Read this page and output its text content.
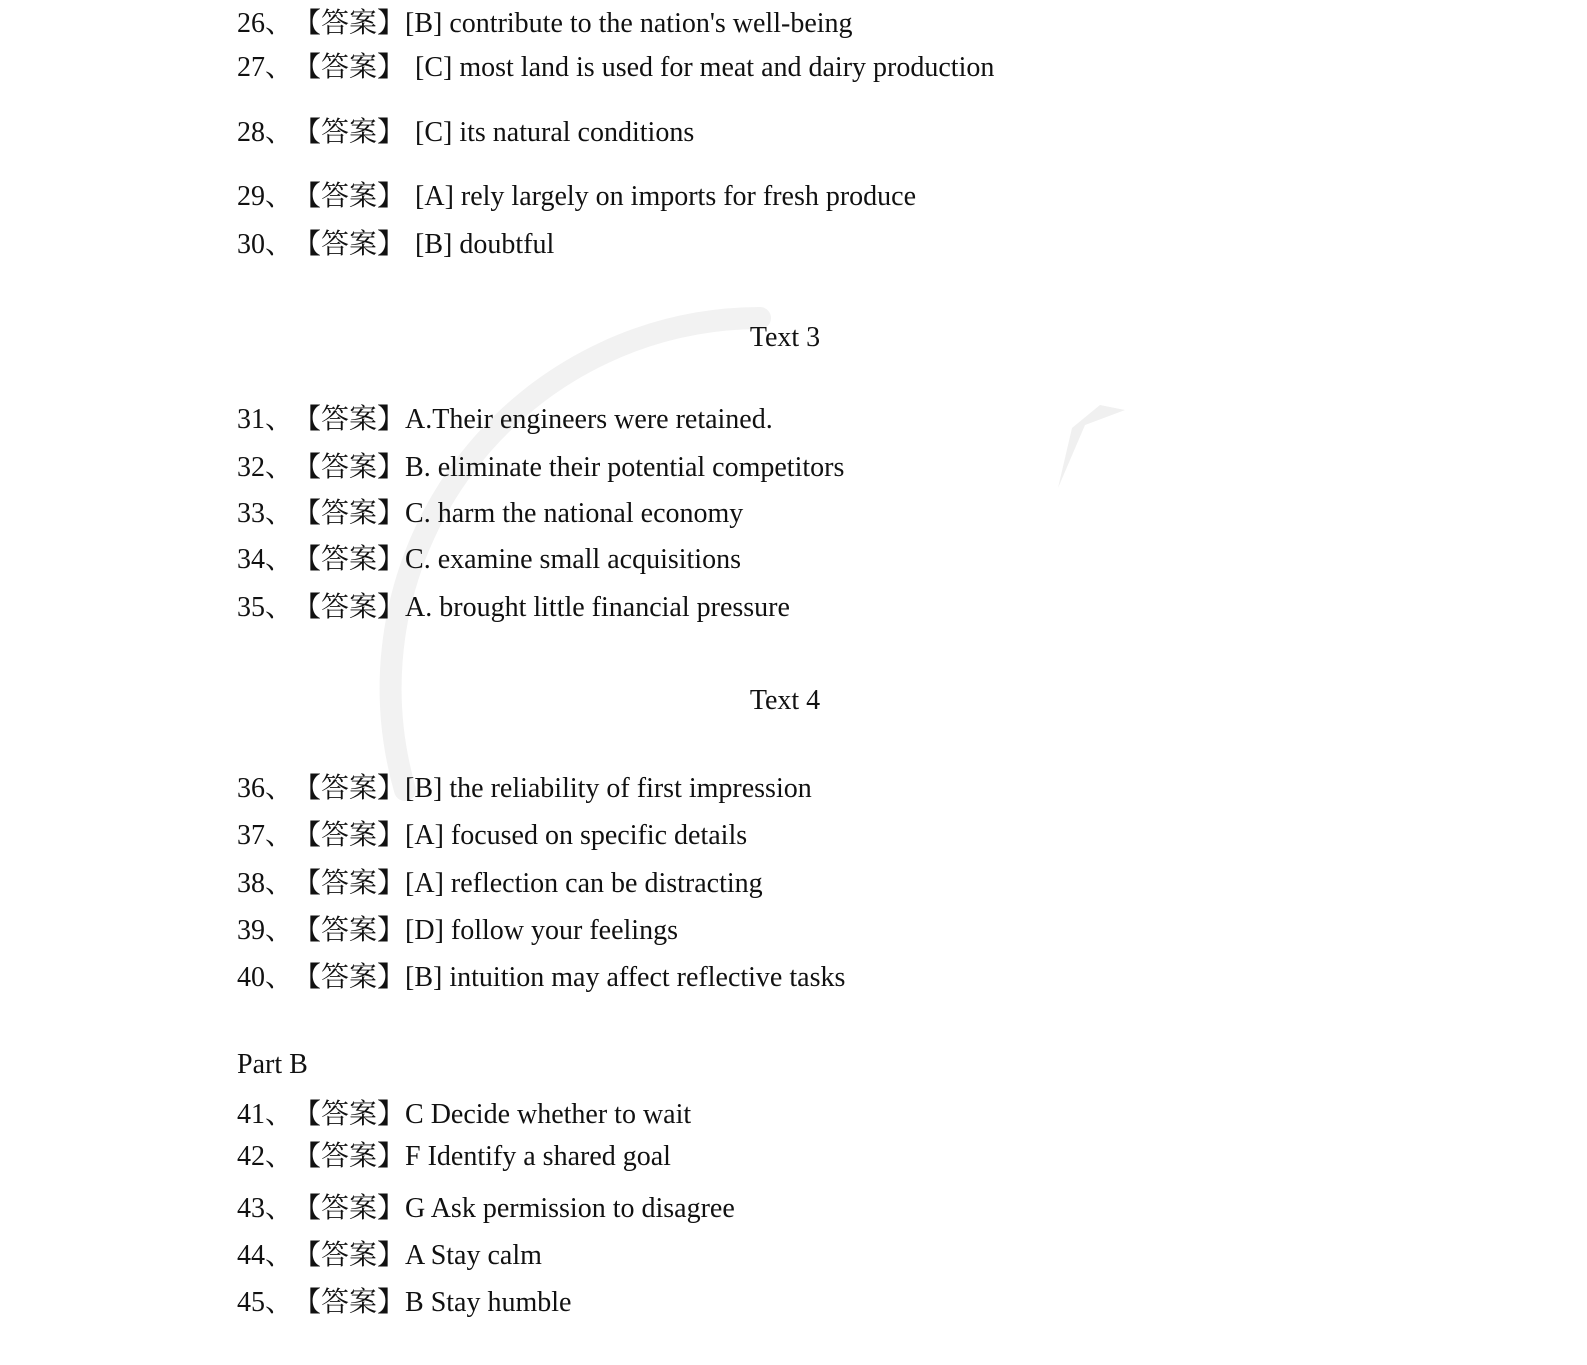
26、【答案】[B] contribute to the nation's well-being
27、【答案】 [C] most land is used for meat and dairy production
28、【答案】 [C] its natural conditions
29、【答案】 [A] rely largely on imports for fresh produce
30、【答案】 [B] doubtful
Text 3
31、【答案】A.Their engineers were retained.
32、【答案】B. eliminate their potential competitors
33、【答案】C. harm the national economy
34、【答案】C. examine small acquisitions
35、【答案】A. brought little financial pressure
Text 4
36、【答案】[B] the reliability of first impression
37、【答案】[A] focused on specific details
38、【答案】[A] reflection can be distracting
39、【答案】[D] follow your feelings
40、【答案】[B] intuition may affect reflective tasks
Part B
41、【答案】C Decide whether to wait
42、【答案】F Identify a shared goal
43、【答案】G Ask permission to disagree
44、【答案】A Stay calm
45、【答案】B Stay humble
